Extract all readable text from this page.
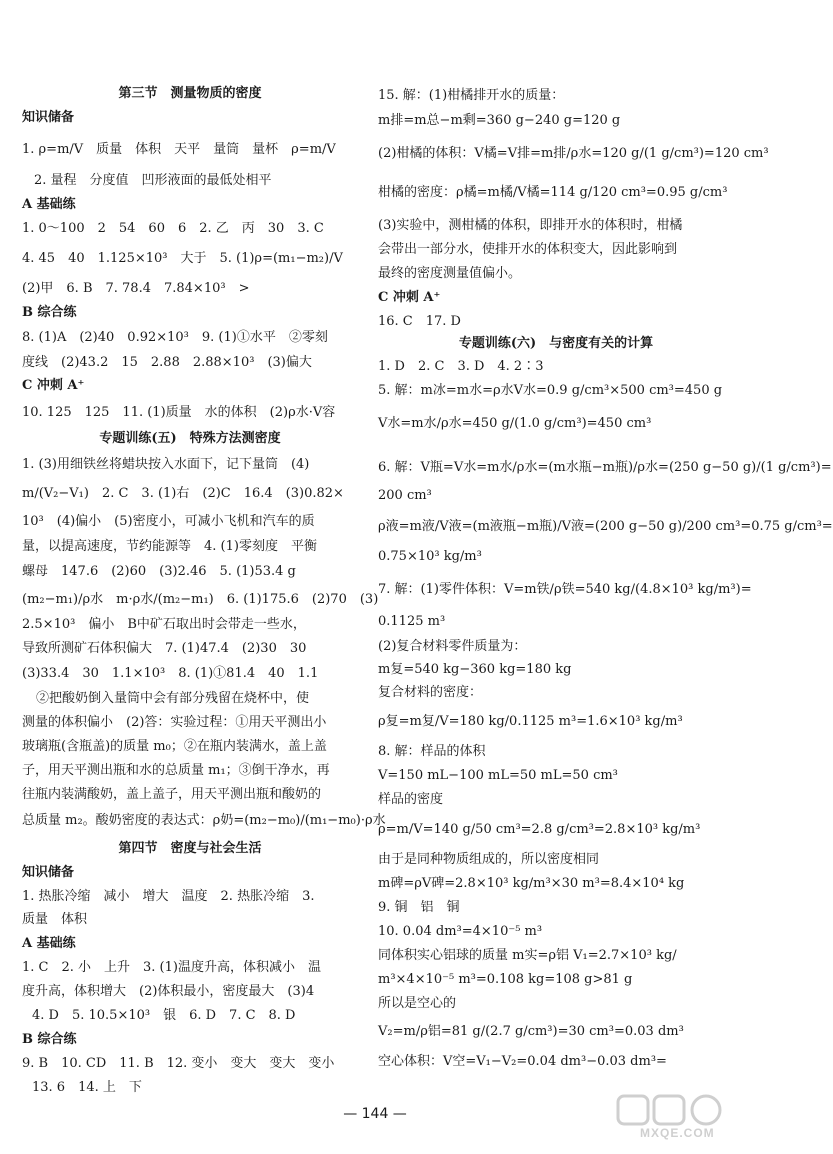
第三节　测量物质的密度
知识储备
1. ρ=m/V　质量　体积　天平　量筒　量杯　ρ=m/V
2. 量程　分度值　凹形液面的最低处相平
A 基础练
1. 0～100　2　54　60　6　2. 乙　丙　30　3. C
4. 45　40　1.125×10³　大于　5. (1)ρ=(m₁−m₂)/V
(2)甲　6. B　7. 78.4　7.84×10³　>
B 综合练
8. (1)A　(2)40　0.92×10³　9. (1)①水平　②零刻
度线　(2)43.2　15　2.88　2.88×10³　(3)偏大
C 冲刺 A⁺
10. 125　125　11. (1)质量　水的体积　(2)ρ水·V容
专题训练(五)　特殊方法测密度
1. (3)用细铁丝将蜡块按入水面下，记下量筒　(4)
m/(V₂−V₁)　2. C　3. (1)右　(2)C　16.4　(3)0.82×
10³　(4)偏小　(5)密度小，可减小飞机和汽车的质
量，以提高速度，节约能源等　4. (1)零刻度　平衡
螺母　147.6　(2)60　(3)2.46　5. (1)53.4 g
(m₂−m₁)/ρ水　m·ρ水/(m₂−m₁)　6. (1)175.6　(2)70　(3)
2.5×10³　偏小　B中矿石取出时会带走一些水，
导致所测矿石体积偏大　7. (1)47.4　(2)30　30
(3)33.4　30　1.1×10³　8. (1)①81.4　40　1.1
②把酸奶倒入量筒中会有部分残留在烧杯中，使
测量的体积偏小　(2)答：实验过程：①用天平测出小
玻璃瓶(含瓶盖)的质量 m₀；②在瓶内装满水，盖上盖
子，用天平测出瓶和水的总质量 m₁；③倒干净水，再
往瓶内装满酸奶，盖上盖子，用天平测出瓶和酸奶的
总质量 m₂。酸奶密度的表达式：ρ奶=(m₂−m₀)/(m₁−m₀)·ρ水
第四节　密度与社会生活
知识储备
1. 热胀冷缩　减小　增大　温度　2. 热胀冷缩　3.
质量　体积
A 基础练
1. C　2. 小　上升　3. (1)温度升高，体积减小　温
度升高，体积增大　(2)体积最小，密度最大　(3)4
4. D　5. 10.5×10³　银　6. D　7. C　8. D
B 综合练
9. B　10. CD　11. B　12. 变小　变大　变大　变小
13. 6　14. 上　下
15. 解：(1)柑橘排开水的质量：
m排=m总−m剩=360 g−240 g=120 g
(2)柑橘的体积：V橘=V排=m排/ρ水=120 g/(1 g/cm³)=120 cm³
柑橘的密度：ρ橘=m橘/V橘=114 g/120 cm³=0.95 g/cm³
(3)实验中，测柑橘的体积，即排开水的体积时，柑橘
会带出一部分水，使排开水的体积变大，因此影响到
最终的密度测量值偏小。
C 冲刺 A⁺
16. C　17. D
专题训练(六)　与密度有关的计算
1. D　2. C　3. D　4. 2∶3
5. 解：m冰=m水=ρ水V水=0.9 g/cm³×500 cm³=450 g
V水=m水/ρ水=450 g/(1.0 g/cm³)=450 cm³
6. 解：V瓶=V水=m水/ρ水=(m水瓶−m瓶)/ρ水=(250 g−50 g)/(1 g/cm³)=
200 cm³
ρ液=m液/V液=(m液瓶−m瓶)/V液=(200 g−50 g)/200 cm³=0.75 g/cm³=
0.75×10³ kg/m³
7. 解：(1)零件体积：V=m铁/ρ铁=540 kg/(4.8×10³ kg/m³)=
0.1125 m³
(2)复合材料零件质量为：
m复=540 kg−360 kg=180 kg
复合材料的密度：
ρ复=m复/V=180 kg/0.1125 m³=1.6×10³ kg/m³
8. 解：样品的体积
V=150 mL−100 mL=50 mL=50 cm³
样品的密度
ρ=m/V=140 g/50 cm³=2.8 g/cm³=2.8×10³ kg/m³
由于是同种物质组成的，所以密度相同
m碑=ρV碑=2.8×10³ kg/m³×30 m³=8.4×10⁴ kg
9. 铜　铝　铜
10. 0.04 dm³=4×10⁻⁵ m³
同体积实心铝球的质量 m实=ρ铝 V₁=2.7×10³ kg/
m³×4×10⁻⁵ m³=0.108 kg=108 g>81 g
所以是空心的
V₂=m/ρ铝=81 g/(2.7 g/cm³)=30 cm³=0.03 dm³
空心体积：V空=V₁−V₂=0.04 dm³−0.03 dm³=
— 144 —
MXQE.COM
